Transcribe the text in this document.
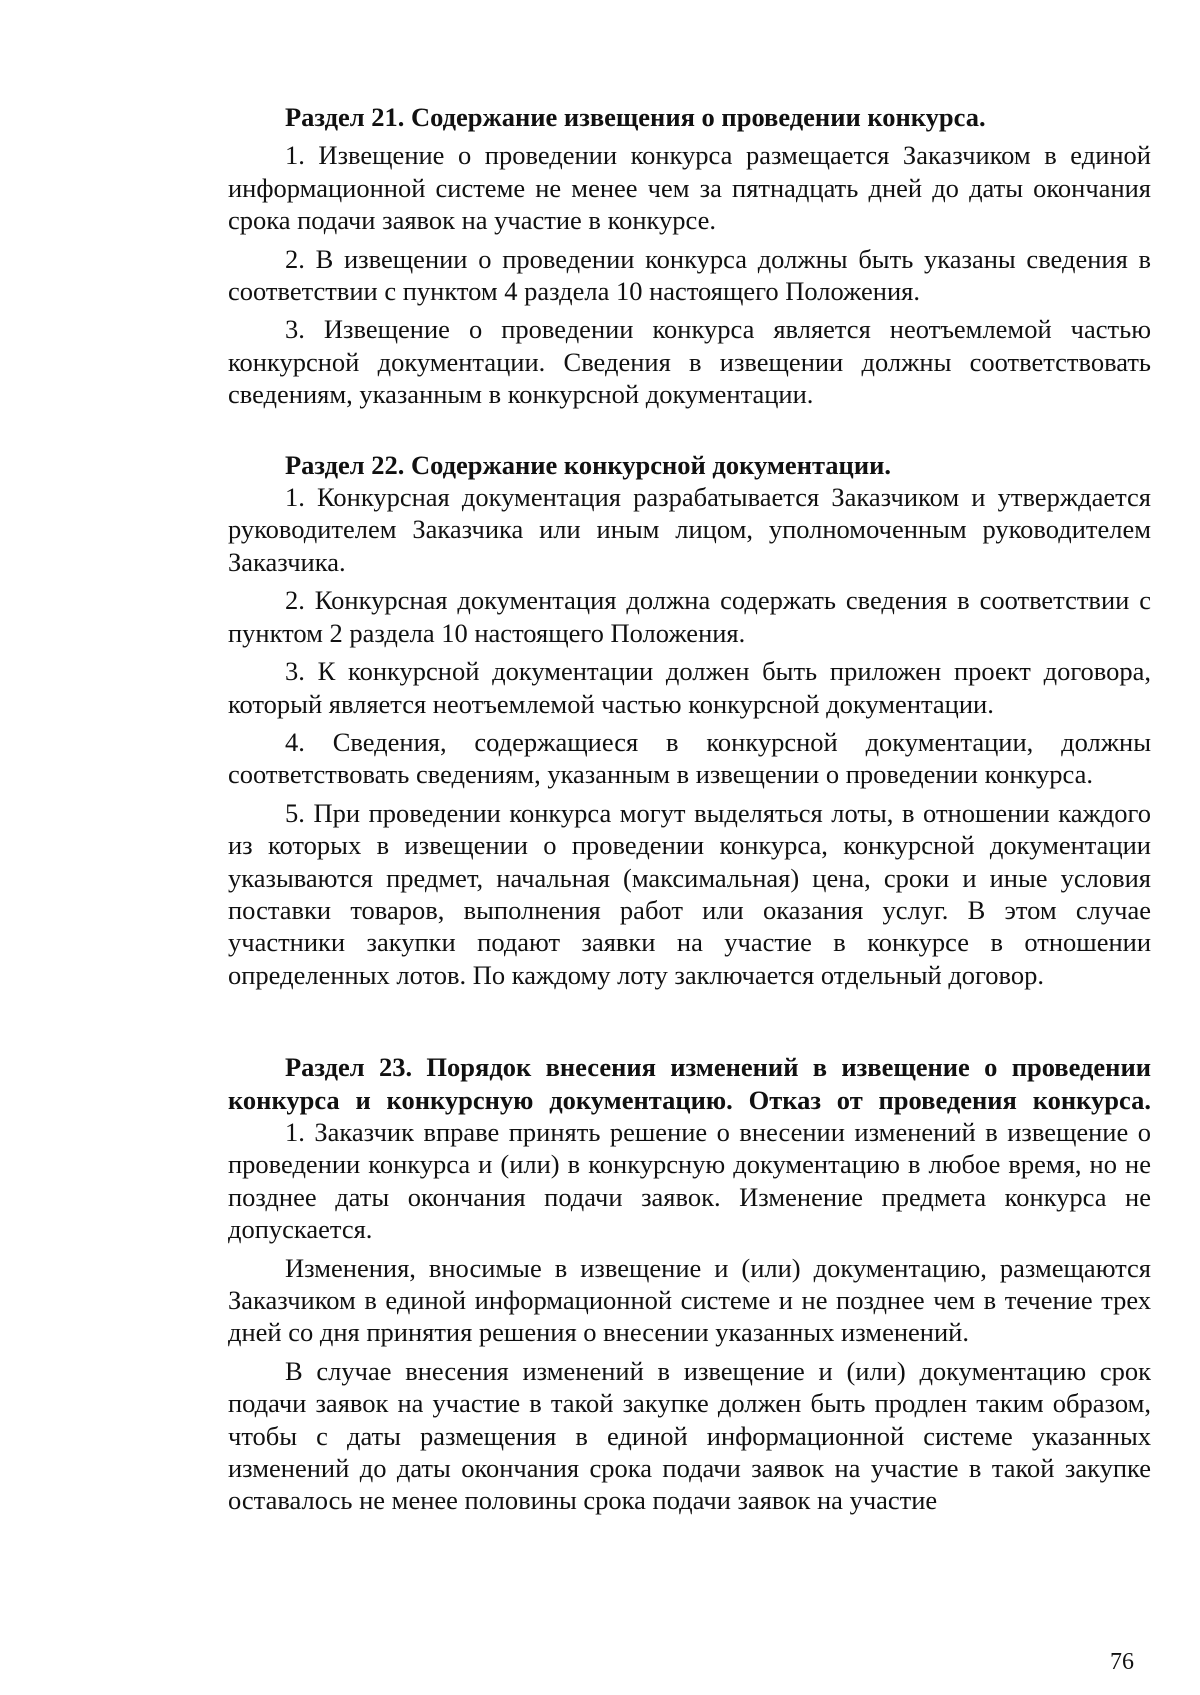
Раздел 21. Содержание извещения о проведении конкурса.

1. Извещение о проведении конкурса размещается Заказчиком в единой информационной системе не менее чем за пятнадцать дней до даты окончания срока подачи заявок на участие в конкурсе.

2. В извещении о проведении конкурса должны быть указаны сведения в соответствии с пунктом 4 раздела 10 настоящего Положения.

3. Извещение о проведении конкурса является неотъемлемой частью конкурсной документации. Сведения в извещении должны соответствовать сведениям, указанным в конкурсной документации.

Раздел 22. Содержание конкурсной документации.

1. Конкурсная документация разрабатывается Заказчиком и утверждается руководителем Заказчика или иным лицом, уполномоченным руководителем Заказчика.

2. Конкурсная документация должна содержать сведения в соответствии с пунктом 2 раздела 10 настоящего Положения.

3. К конкурсной документации должен быть приложен проект договора, который является неотъемлемой частью конкурсной документации.

4. Сведения, содержащиеся в конкурсной документации, должны соответствовать сведениям, указанным в извещении о проведении конкурса.

5. При проведении конкурса могут выделяться лоты, в отношении каждого из которых в извещении о проведении конкурса, конкурсной документации указываются предмет, начальная (максимальная) цена, сроки и иные условия поставки товаров, выполнения работ или оказания услуг. В этом случае участники закупки подают заявки на участие в конкурсе в отношении определенных лотов. По каждому лоту заключается отдельный договор.

Раздел 23. Порядок внесения изменений в извещение о проведении конкурса и конкурсную документацию. Отказ от проведения конкурса.

1. Заказчик вправе принять решение о внесении изменений в извещение о проведении конкурса и (или) в конкурсную документацию в любое время, но не позднее даты окончания подачи заявок. Изменение предмета конкурса не допускается.

Изменения, вносимые в извещение и (или) документацию, размещаются Заказчиком в единой информационной системе и не позднее чем в течение трех дней со дня принятия решения о внесении указанных изменений.

В случае внесения изменений в извещение и (или) документацию срок подачи заявок на участие в такой закупке должен быть продлен таким образом, чтобы с даты размещения в единой информационной системе указанных изменений до даты окончания срока подачи заявок на участие в такой закупке оставалось не менее половины срока подачи заявок на участие

76
